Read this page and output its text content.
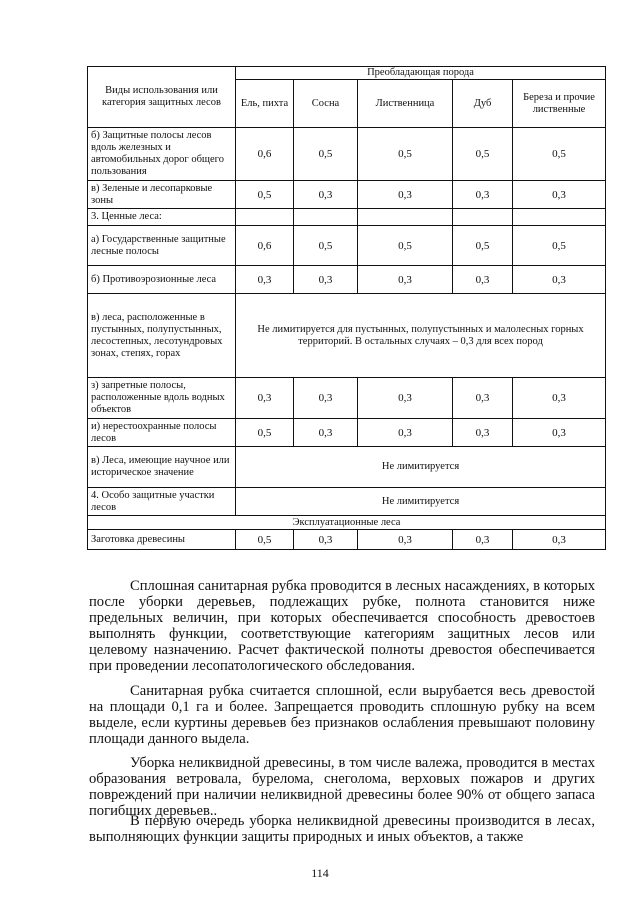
Виды использования или категория защитных лесов	Преобладающая порода				
	Ель, пихта	Сосна	Лиственница	Дуб	Береза и прочие лиственные
б) Защитные полосы лесов вдоль железных и автомобильных дорог общего пользования	0,6	0,5	0,5	0,5	0,5
в) Зеленые и лесопарковые зоны	0,5	0,3	0,3	0,3	0,3
3. Ценные леса:					
а) Государственные защитные лесные полосы	0,6	0,5	0,5	0,5	0,5
б) Противоэрозионные леса	0,3	0,3	0,3	0,3	0,3
в) леса, расположенные в пустынных, полупустынных, лесостепных, лесотундровых зонах, степях, горах	Не лимитируется для пустынных, полупустынных и малолесных горных территорий. В остальных случаях – 0,3 для всех пород				
з) запретные полосы, расположенные вдоль водных объектов	0,3	0,3	0,3	0,3	0,3
и) нерестоохранные полосы лесов	0,5	0,3	0,3	0,3	0,3
в) Леса, имеющие научное или историческое значение	Не лимитируется				
4. Особо защитные участки лесов	Не лимитируется				
Эксплуатационные леса					
Заготовка древесины	0,5	0,3	0,3	0,3	0,3

Сплошная санитарная рубка проводится в лесных насаждениях, в которых после уборки деревьев, подлежащих рубке, полнота становится ниже предельных величин, при которых обеспечивается способность древостоев выполнять функции, соответствующие категориям защитных лесов или целевому назначению. Расчет фактической полноты древостоя обеспечивается при проведении лесопатологического обследования.

Санитарная рубка считается сплошной, если вырубается весь древостой на площади 0,1 га и более. Запрещается проводить сплошную рубку на всем выделе, если куртины деревьев без признаков ослабления превышают половину площади данного выдела.

Уборка неликвидной древесины, в том числе валежа, проводится в местах образования ветровала, бурелома, снеголома, верховых пожаров и других повреждений при наличии неликвидной древесины более 90% от общего запаса погибших деревьев..

В первую очередь уборка неликвидной древесины производится в лесах, выполняющих функции защиты природных и иных объектов, а также

114
